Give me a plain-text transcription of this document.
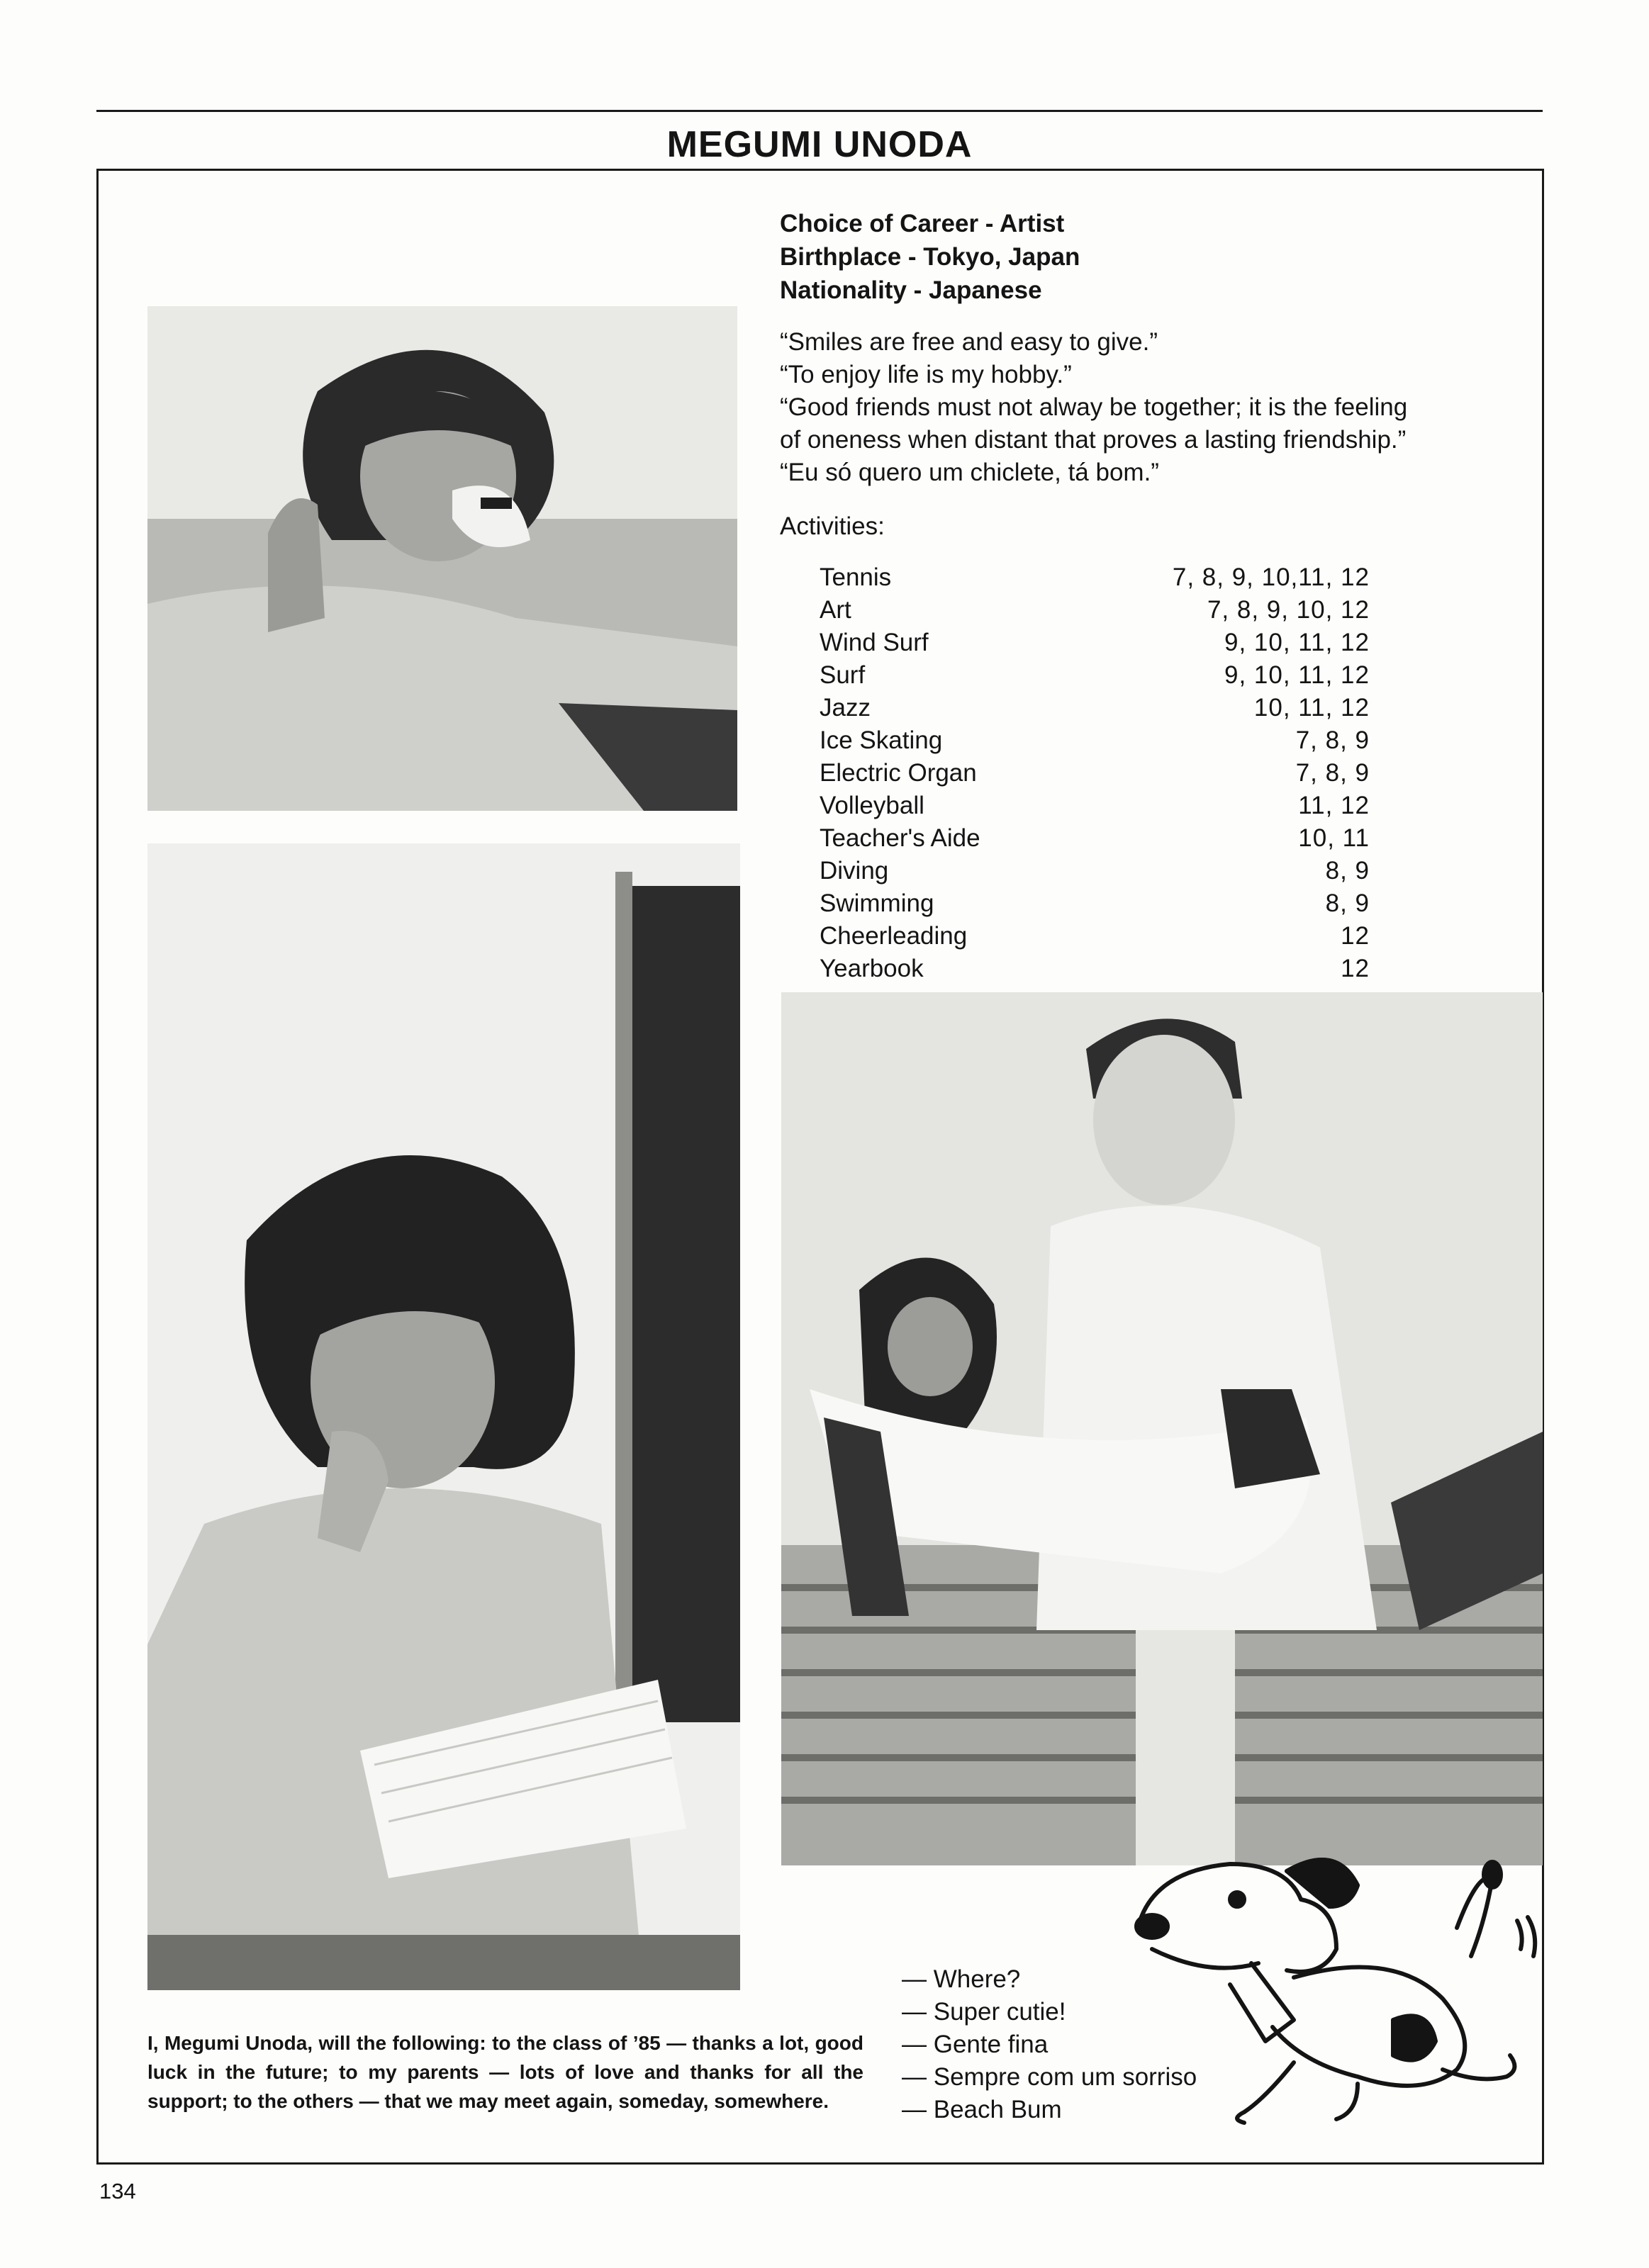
MEGUMI UNODA
Choice of Career - Artist
Birthplace - Tokyo, Japan
Nationality - Japanese
“Smiles are free and easy to give.”
“To enjoy life is my hobby.”
“Good friends must not alway be together; it is the feeling
of oneness when distant that proves a lasting friendship.”
“Eu só quero um chiclete, tá bom.”
Activities:
Tennis	7, 8, 9, 10,11, 12
Art	7, 8, 9, 10, 12
Wind Surf	9, 10, 11, 12
Surf	9, 10, 11, 12
Jazz	10, 11, 12
Ice Skating	7, 8, 9
Electric Organ	7, 8, 9
Volleyball	11, 12
Teacher's Aide	10, 11
Diving	8, 9
Swimming	8, 9
Cheerleading	12
Yearbook	12
I, Megumi Unoda, will the following: to the class of ’85 — thanks a lot, good luck in the future; to my parents — lots of love and thanks for all the support; to the others — that we may meet again, someday, somewhere.
— Where?
— Super cutie!
— Gente fina
— Sempre com um sorriso
— Beach Bum
134
